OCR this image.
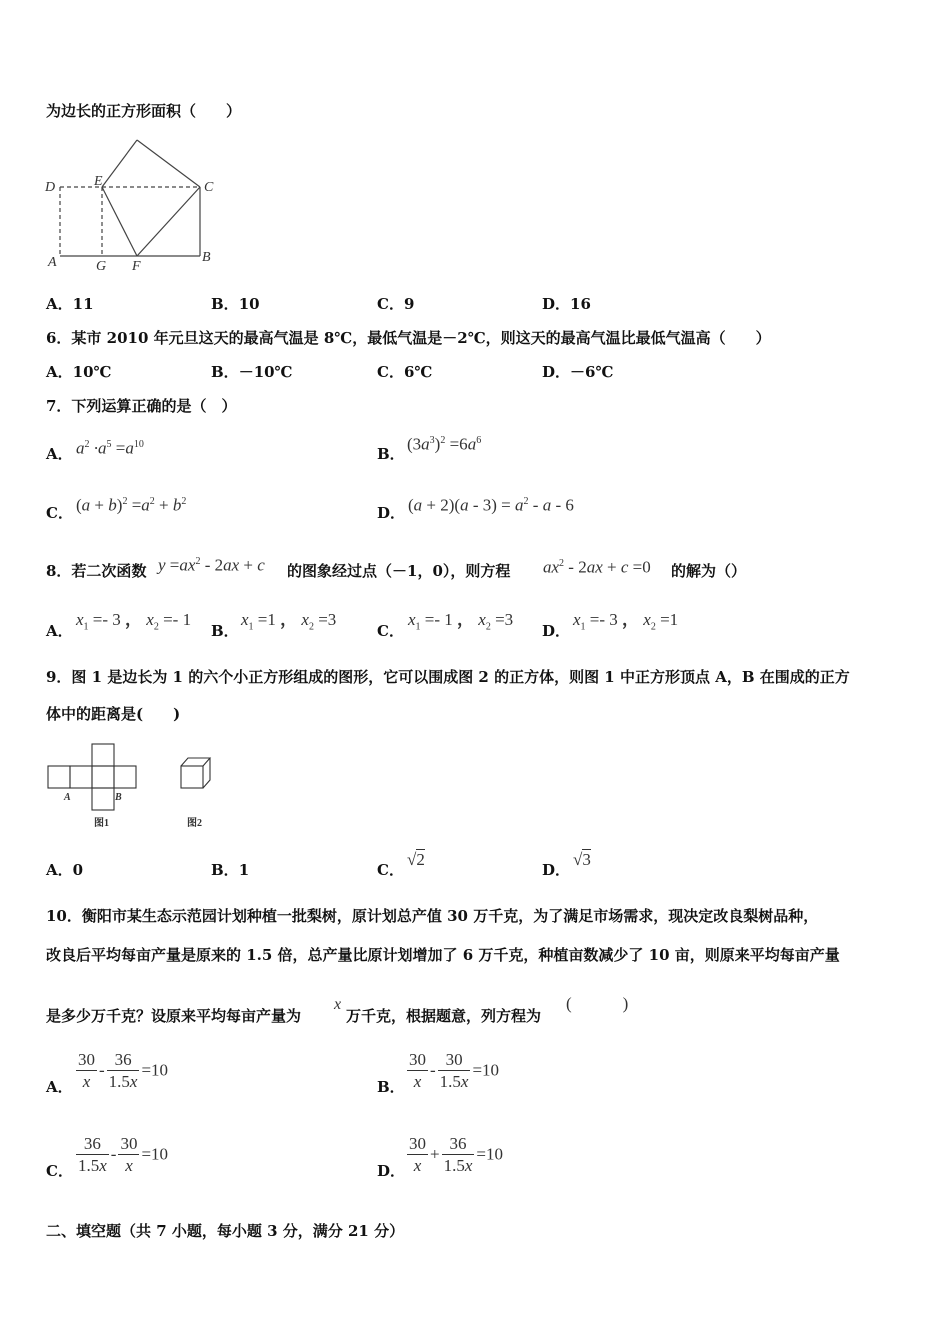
为边长的正方形面积（　　）
D	E	C
A	G F
B
A．11	B．10	C．9	D．16
6．某市 2010 年元旦这天的最高气温是 8℃，最低气温是－2℃，则这天的最高气温比最低气温高（　　）
A．10℃	B．－10℃	C．6℃	D．－6℃
7．下列运算正确的是（　）
A． $a^2 \cdot a^5 =a^{10}$
B．
$(3a^3)^2 =6a^6$
C． $(a + b)^2 =a^2 + b^2$
D． $(a + 2)(a - 3) = a^2 - a - 6$
8．若二次函数 $y =ax^2 - 2ax + c$ 的图象经过点（－1，0），则方程 $ax^2 - 2ax + c =0$ 的解为（）
A．
$x_1 =- 3$ ， $x_2 =- 1$
B．
$x_1 =1$ ， $x_2 =3$
C．
$x_1 =- 1$ ， $x_2 =3$
D．
$x_1 =- 3$ ， $x_2 =1$
9．图 1 是边长为 1 的六个小正方形组成的图形，它可以围成图 2 的正方体，则图 1 中正方形顶点 A，B 在围成的正方
体中的距离是(　　)
A	B
图1	图2
A．0	B．1	C．
√2
D．
√3
10．衡阳市某生态示范园计划种植一批梨树，原计划总产值 30 万千克，为了满足市场需求，现决定改良梨树品种，
改良后平均每亩产量是原来的 1.5 倍，总产量比原计划增加了 6 万千克，种植亩数减少了 10 亩，则原来平均每亩产量
是多少万千克？设原来平均每亩产量为
x
万千克，根据题意，列方程为
(　　　)
A． $\frac{30}{x} - \frac{36}{1.5x} =10$
B． $\frac{30}{x} - \frac{30}{1.5x} =10$
C． $\frac{36}{1.5x} - \frac{30}{x} =10$
D． $\frac{30}{x} + \frac{36}{1.5x} =10$
二、填空题（共 7 小题，每小题 3 分，满分 21 分）
